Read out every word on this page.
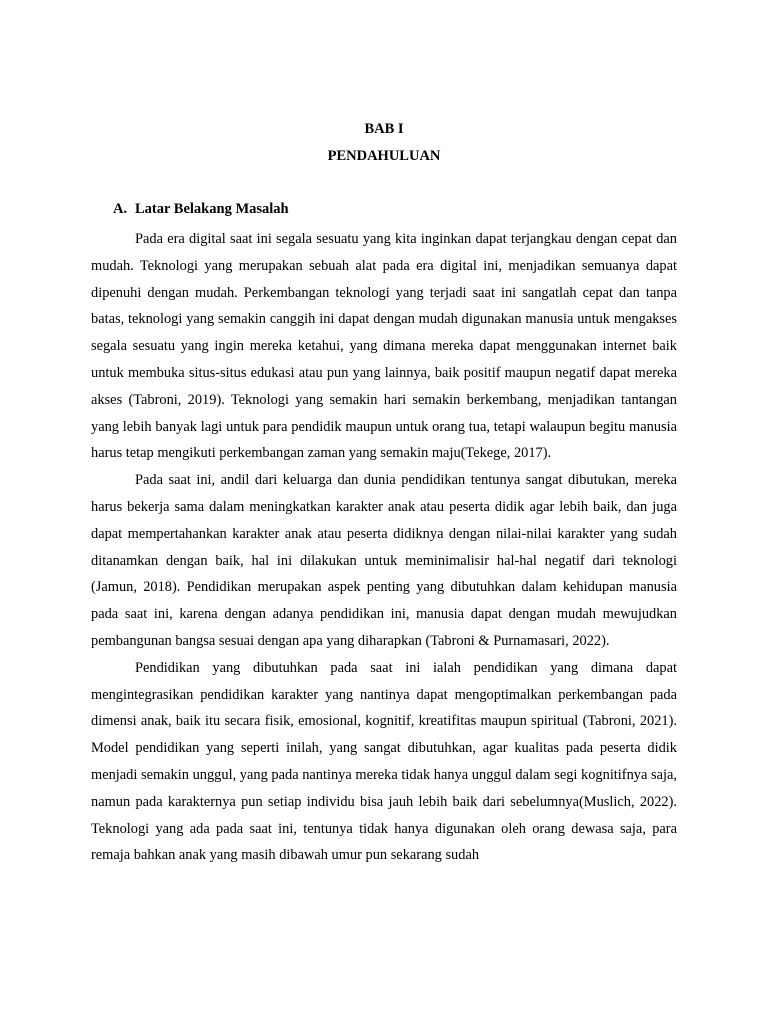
BAB I
PENDAHULUAN
A. Latar Belakang Masalah

Pada era digital saat ini segala sesuatu yang kita inginkan dapat terjangkau dengan cepat dan mudah. Teknologi yang merupakan sebuah alat pada era digital ini, menjadikan semuanya dapat dipenuhi dengan mudah. Perkembangan teknologi yang terjadi saat ini sangatlah cepat dan tanpa batas, teknologi yang semakin canggih ini dapat dengan mudah digunakan manusia untuk mengakses segala sesuatu yang ingin mereka ketahui, yang dimana mereka dapat menggunakan internet baik untuk membuka situs-situs edukasi atau pun yang lainnya, baik positif maupun negatif dapat mereka akses (Tabroni, 2019). Teknologi yang semakin hari semakin berkembang, menjadikan tantangan yang lebih banyak lagi untuk para pendidik maupun untuk orang tua, tetapi walaupun begitu manusia harus tetap mengikuti perkembangan zaman yang semakin maju(Tekege, 2017).

Pada saat ini, andil dari keluarga dan dunia pendidikan tentunya sangat dibutukan, mereka harus bekerja sama dalam meningkatkan karakter anak atau peserta didik agar lebih baik, dan juga dapat mempertahankan karakter anak atau peserta didiknya dengan nilai-nilai karakter yang sudah ditanamkan dengan baik, hal ini dilakukan untuk meminimalisir hal-hal negatif dari teknologi (Jamun, 2018). Pendidikan merupakan aspek penting yang dibutuhkan dalam kehidupan manusia pada saat ini, karena dengan adanya pendidikan ini, manusia dapat dengan mudah mewujudkan pembangunan bangsa sesuai dengan apa yang diharapkan (Tabroni & Purnamasari, 2022).

Pendidikan yang dibutuhkan pada saat ini ialah pendidikan yang dimana dapat mengintegrasikan pendidikan karakter yang nantinya dapat mengoptimalkan perkembangan pada dimensi anak, baik itu secara fisik, emosional, kognitif, kreatifitas maupun spiritual (Tabroni, 2021). Model pendidikan yang seperti inilah, yang sangat dibutuhkan, agar kualitas pada peserta didik menjadi semakin unggul, yang pada nantinya mereka tidak hanya unggul dalam segi kognitifnya saja, namun pada karakternya pun setiap individu bisa jauh lebih baik dari sebelumnya(Muslich, 2022). Teknologi yang ada pada saat ini, tentunya tidak hanya digunakan oleh orang dewasa saja, para remaja bahkan anak yang masih dibawah umur pun sekarang sudah
